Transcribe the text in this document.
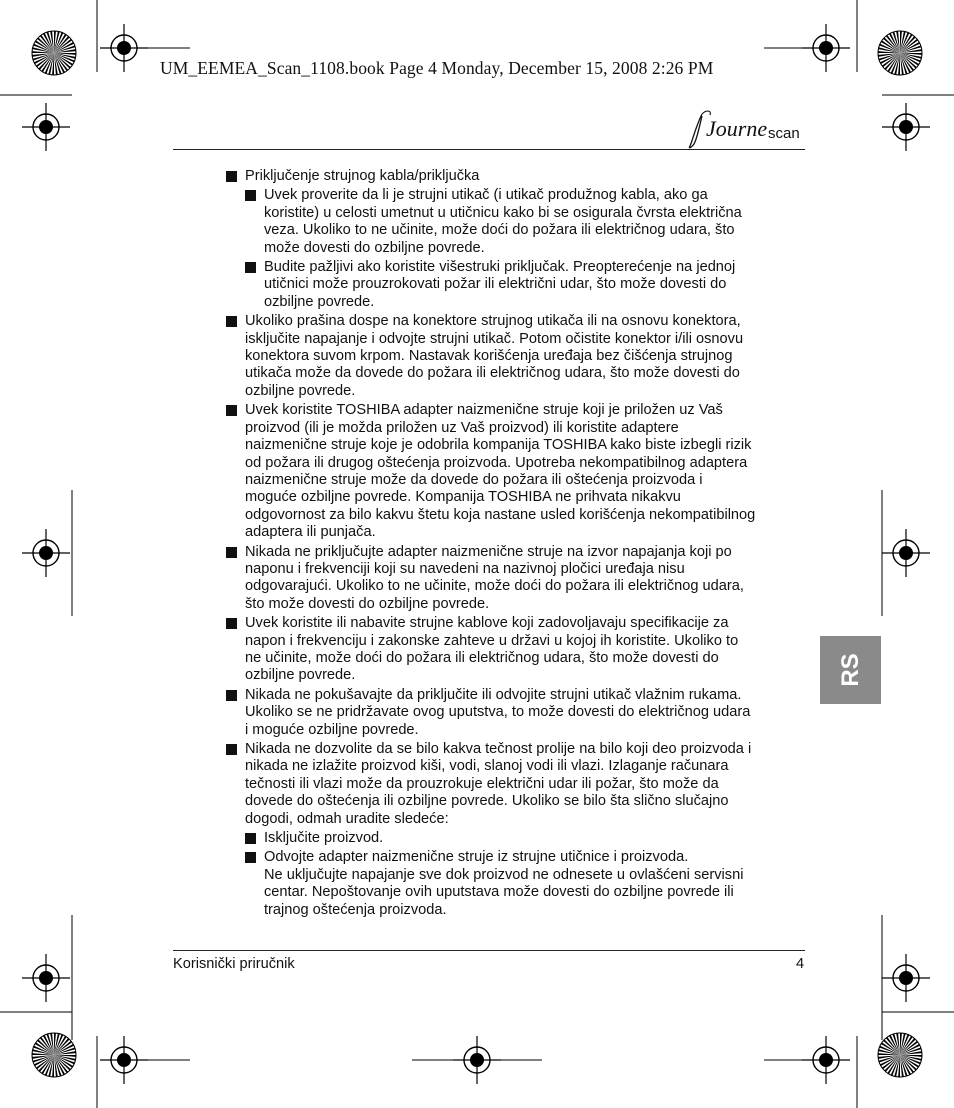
UM_EEMEA_Scan_1108.book Page 4 Monday, December 15, 2008 2:26 PM
Journe scan
Priključenje strujnog kabla/priključka
Uvek proverite da li je strujni utikač (i utikač produžnog kabla, ako ga
koristite) u celosti umetnut u utičnicu kako bi se osigurala čvrsta električna
veza. Ukoliko to ne učinite, može doći do požara ili električnog udara, što
može dovesti do ozbiljne povrede.
Budite pažljivi ako koristite višestruki priključak. Preopterećenje na jednoj
utičnici može prouzrokovati požar ili električni udar, što može dovesti do
ozbiljne povrede.
Ukoliko prašina dospe na konektore strujnog utikača ili na osnovu konektora,
isključite napajanje i odvojte strujni utikač. Potom očistite konektor i/ili osnovu
konektora suvom krpom. Nastavak korišćenja uređaja bez čišćenja strujnog
utikača može da dovede do požara ili električnog udara, što može dovesti do
ozbiljne povrede.
Uvek koristite TOSHIBA adapter naizmenične struje koji je priložen uz Vaš
proizvod (ili je možda priložen uz Vaš proizvod) ili koristite adaptere
naizmenične struje koje je odobrila kompanija TOSHIBA kako biste izbegli rizik
od požara ili drugog oštećenja proizvoda. Upotreba nekompatibilnog adaptera
naizmenične struje može da dovede do požara ili oštećenja proizvoda i
moguće ozbiljne povrede. Kompanija TOSHIBA ne prihvata nikakvu
odgovornost za bilo kakvu štetu koja nastane usled korišćenja nekompatibilnog
adaptera ili punjača.
Nikada ne priključujte adapter naizmenične struje na izvor napajanja koji po
naponu i frekvenciji koji su navedeni na nazivnoj pločici uređaja nisu
odgovarajući. Ukoliko to ne učinite, može doći do požara ili električnog udara,
što može dovesti do ozbiljne povrede.
Uvek koristite ili nabavite strujne kablove koji zadovoljavaju specifikacije za
napon i frekvenciju i zakonske zahteve u državi u kojoj ih koristite. Ukoliko to
ne učinite, može doći do požara ili električnog udara, što može dovesti do
ozbiljne povrede.
Nikada ne pokušavajte da priključite ili odvojite strujni utikač vlažnim rukama.
Ukoliko se ne pridržavate ovog uputstva, to može dovesti do električnog udara
i moguće ozbiljne povrede.
Nikada ne dozvolite da se bilo kakva tečnost prolije na bilo koji deo proizvoda i
nikada ne izlažite proizvod kiši, vodi, slanoj vodi ili vlazi. Izlaganje računara
tečnosti ili vlazi može da prouzrokuje električni udar ili požar, što može da
dovede do oštećenja ili ozbiljne povrede. Ukoliko se bilo šta slično slučajno
dogodi, odmah uradite sledeće:
Isključite proizvod.
Odvojte adapter naizmenične struje iz strujne utičnice i proizvoda.
Ne uključujte napajanje sve dok proizvod ne odnesete u ovlašćeni servisni
centar. Nepoštovanje ovih uputstava može dovesti do ozbiljne povrede ili
trajnog oštećenja proizvoda.
RS
Korisnički priručnik	4
